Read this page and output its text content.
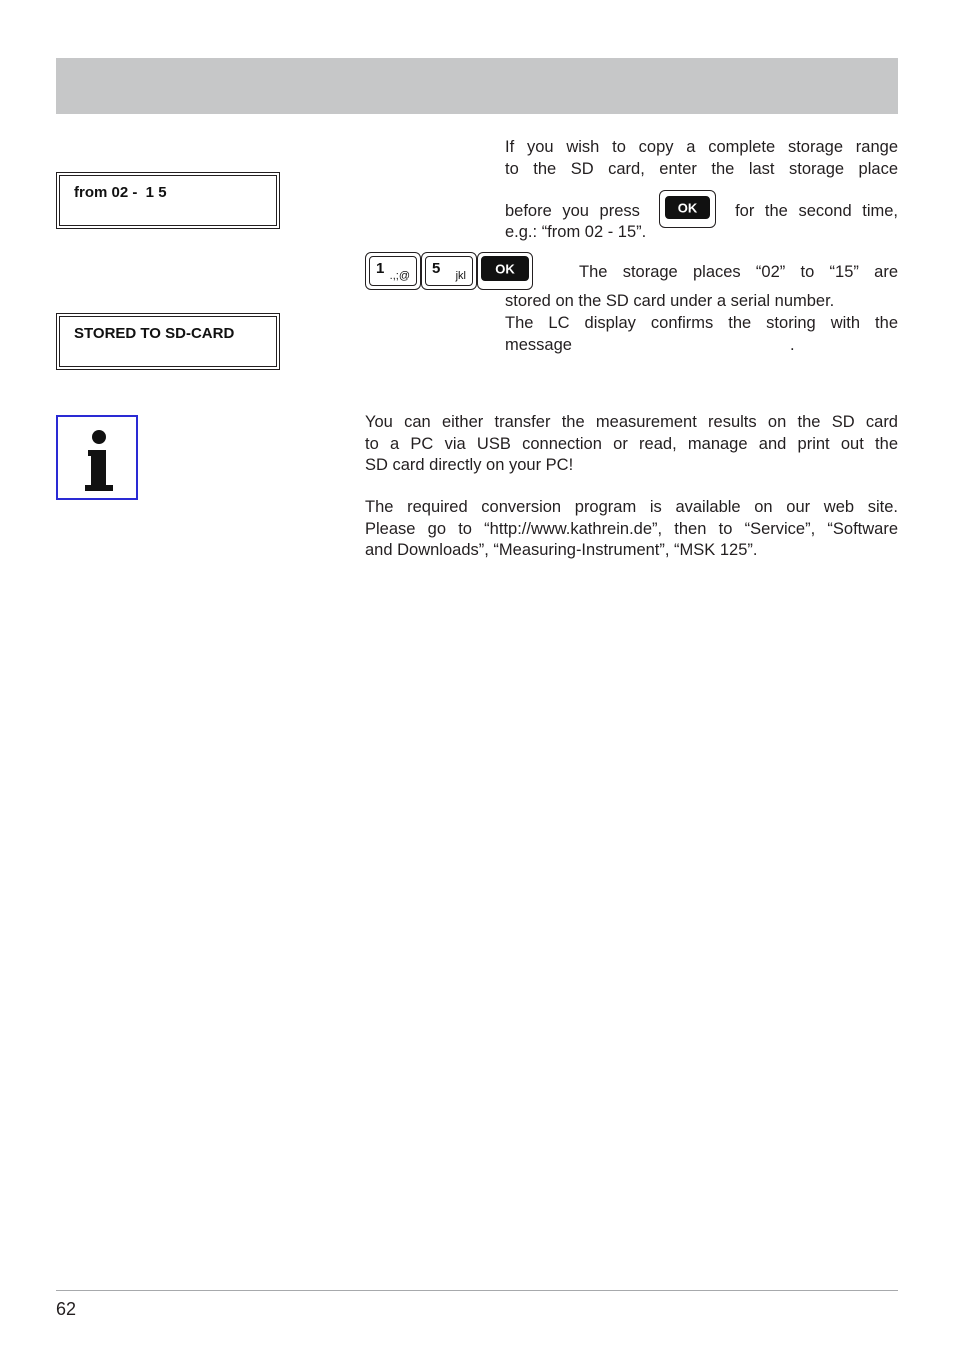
from 02 -  1 5
STORED TO SD-CARD
If you wish to copy a complete storage range
to the SD card, enter the last storage place
before you press	for the second time,
OK
e.g.: “from 02 - 15”.
1 .,;@ 5 jkl	OK	The storage places “02” to “15” are
stored on the SD card under a serial number.
The LC display confirms the storing with the
message	.
You can either transfer the measurement results on the SD card
to a PC via USB connection or read, manage and print out the
SD card directly on your PC!
The required conversion program is available on our web site.
Please go to “http://www.kathrein.de”, then to “Service”, “Software
and Downloads”, “Measuring-Instrument”, “MSK 125”.
62
